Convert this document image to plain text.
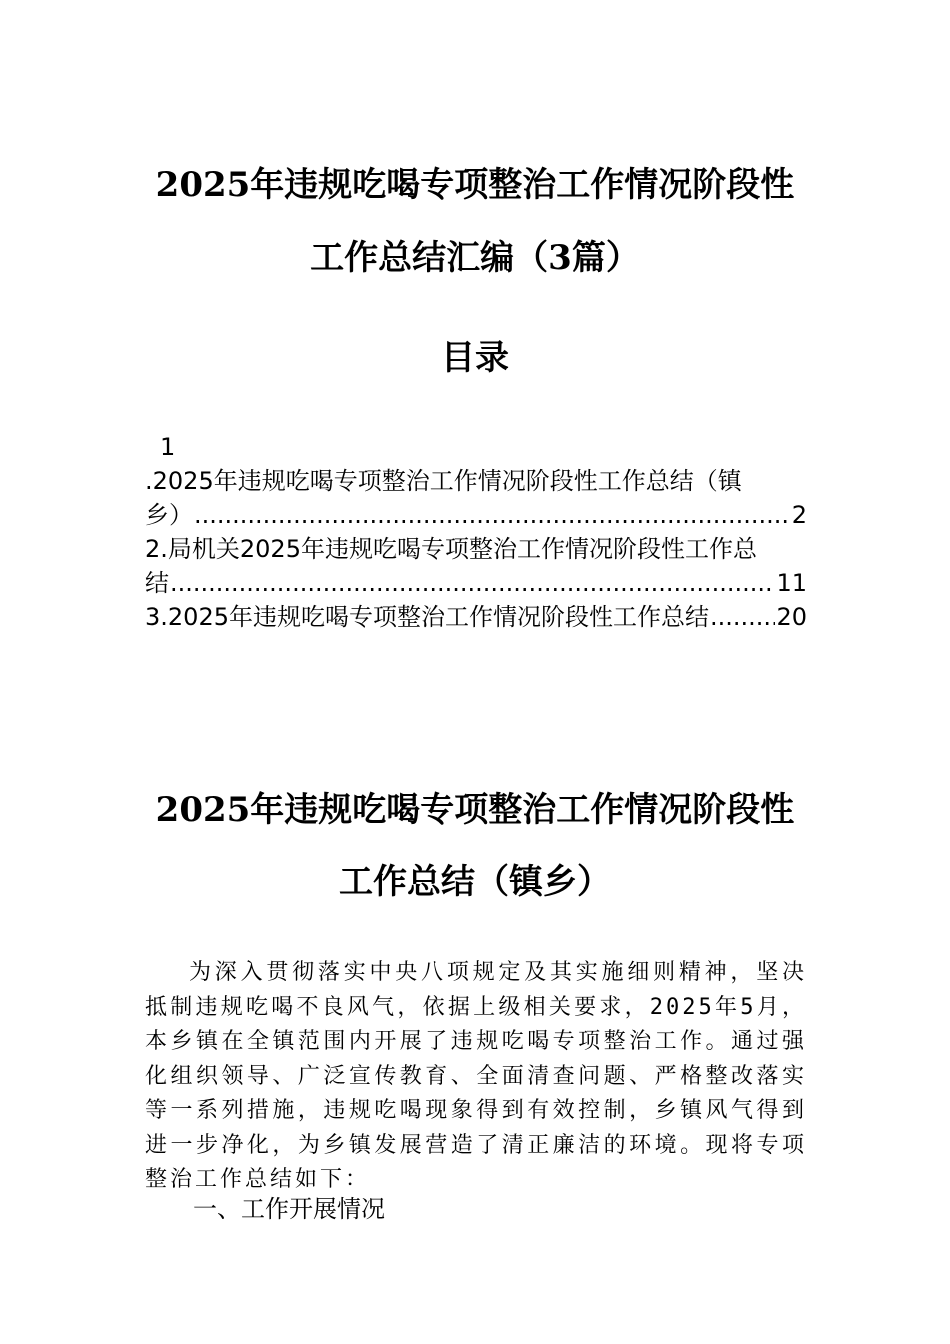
2025年违规吃喝专项整治工作情况阶段性
工作总结汇编（3篇）
目录
1
.2025年违规吃喝专项整治工作情况阶段性工作总结（镇
乡） .....	2
2.局机关2025年违规吃喝专项整治工作情况阶段性工作总
结 .....	11
3.2025年违规吃喝专项整治工作情况阶段性工作总结 .....	20
2025年违规吃喝专项整治工作情况阶段性
工作总结（镇乡）

为深入贯彻落实中央八项规定及其实施细则精神，坚决抵制违规吃喝不良风气，依据上级相关要求，2025年5月，本乡镇在全镇范围内开展了违规吃喝专项整治工作。通过强化组织领导、广泛宣传教育、全面清查问题、严格整改落实等一系列措施，违规吃喝现象得到有效控制，乡镇风气得到进一步净化，为乡镇发展营造了清正廉洁的环境。现将专项整治工作总结如下：

一、工作开展情况
